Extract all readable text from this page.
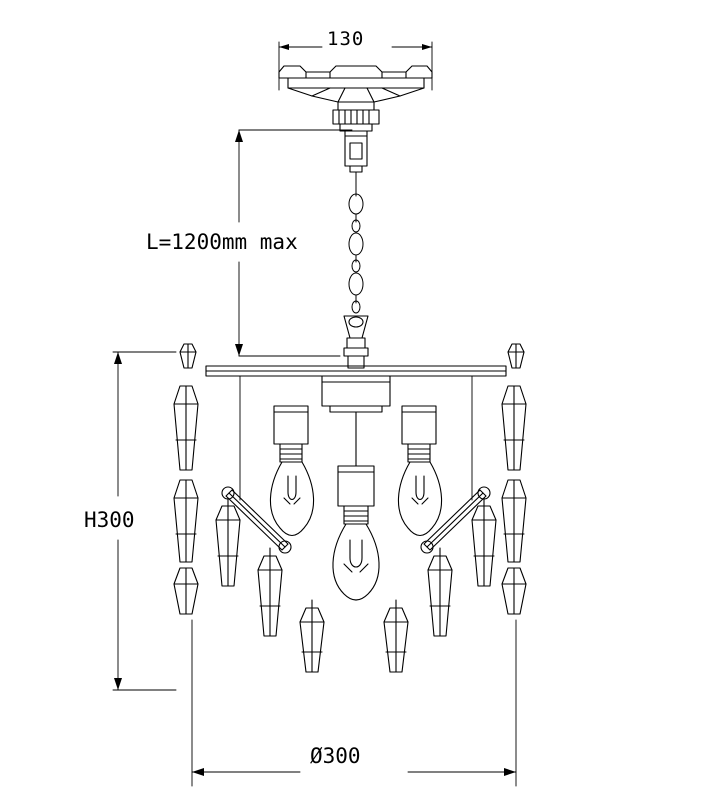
130
L=1200mm max
H300
Ø300
